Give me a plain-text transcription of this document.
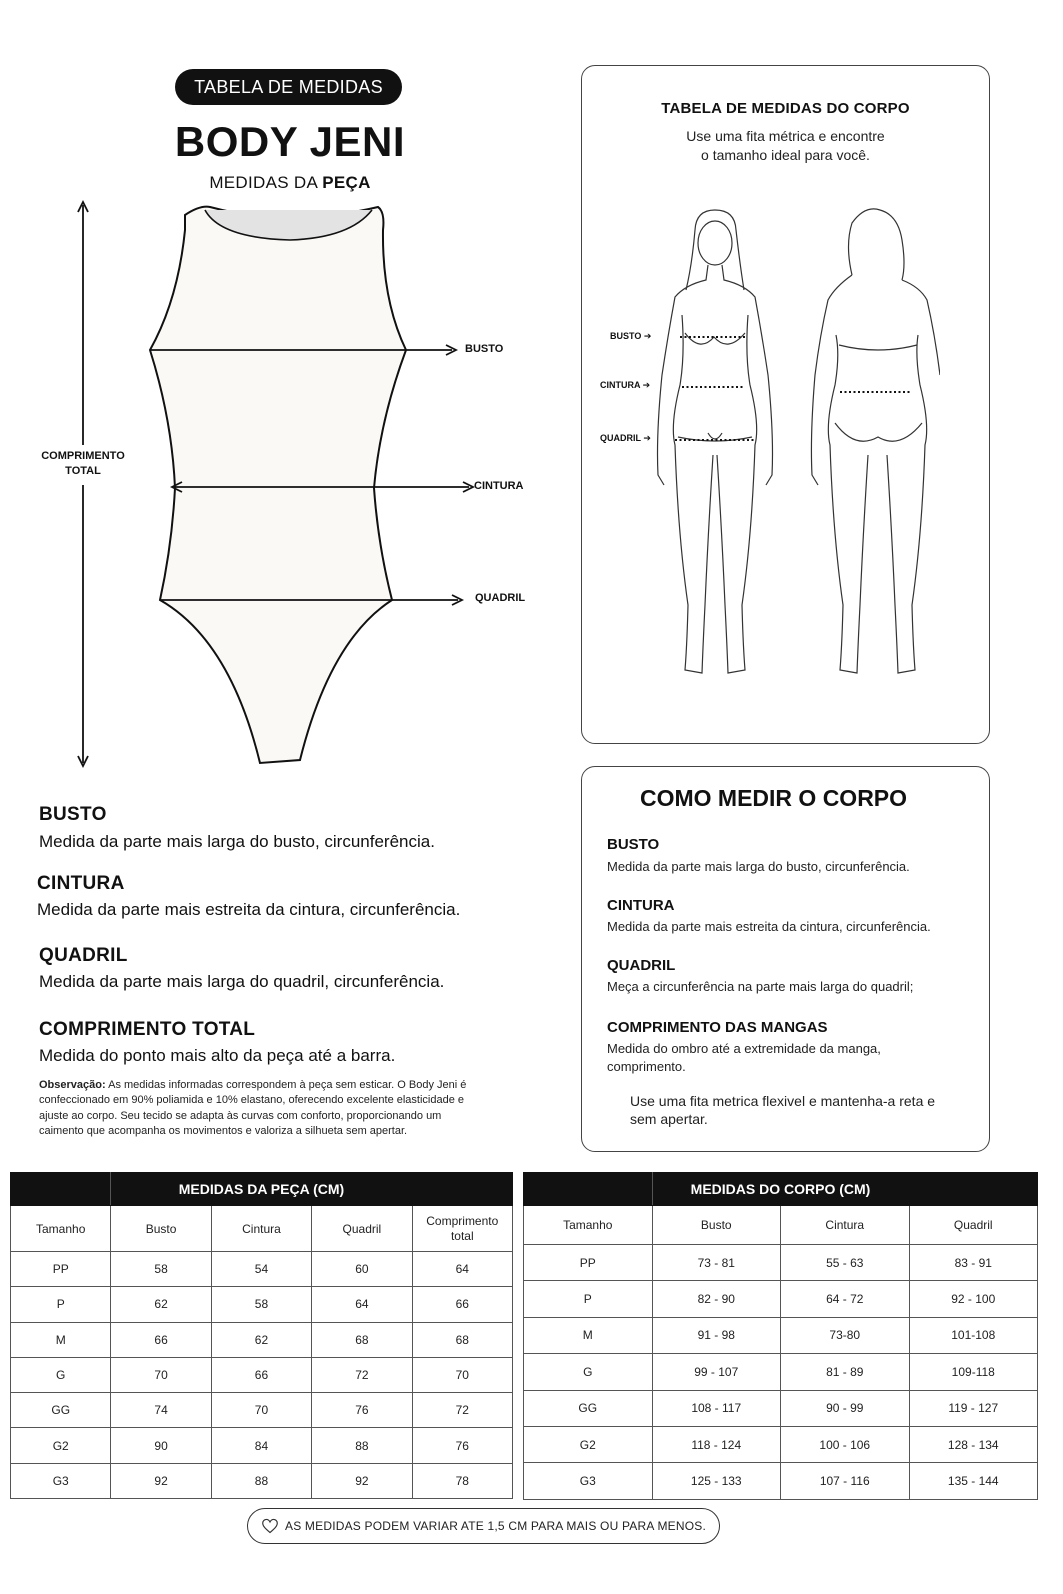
TABELA DE MEDIDAS
BODY JENI
MEDIDAS DA PEÇA
BUSTO
CINTURA
QUADRIL
COMPRIMENTO
TOTAL
TABELA DE MEDIDAS DO CORPO
Use uma fita métrica e encontre
o tamanho ideal para você.
BUSTO ➔
CINTURA ➔
QUADRIL ➔
BUSTO
Medida da parte mais larga do busto, circunferência.
CINTURA
Medida da parte mais estreita da cintura, circunferência.
QUADRIL
Medida da parte mais larga do quadril, circunferência.
COMPRIMENTO TOTAL
Medida do ponto mais alto da peça até a barra.
Observação: As medidas informadas correspondem à peça sem esticar. O Body Jeni é confeccionado em 90% poliamida e 10% elastano, oferecendo excelente elasticidade e ajuste ao corpo. Seu tecido se adapta às curvas com conforto, proporcionando um caimento que acompanha os movimentos e valoriza a silhueta sem apertar.
COMO MEDIR O CORPO
BUSTO
Medida da parte mais larga do busto, circunferência.
CINTURA
Medida da parte mais estreita da cintura, circunferência.
QUADRIL
Meça a circunferência na parte mais larga do quadril;
COMPRIMENTO DAS MANGAS
Medida do ombro até a extremidade da manga, comprimento.
Use uma fita metrica flexivel e mantenha-a reta e sem apertar.
	MEDIDAS DA PEÇA (CM)			
Tamanho	Busto	Cintura	Quadril	Comprimento total
PP	58	54	60	64
P	62	58	64	66
M	66	62	68	68
G	70	66	72	70
GG	74	70	76	72
G2	90	84	88	76
G3	92	88	92	78
	MEDIDAS DO CORPO (CM)		
Tamanho	Busto	Cintura	Quadril
PP	73 - 81	55 - 63	83 - 91
P	82 - 90	64 - 72	92 - 100
M	91 - 98	73-80	101-108
G	99 - 107	81 - 89	109-118
GG	108 - 117	90 - 99	119 - 127
G2	118 - 124	100 - 106	128 - 134
G3	125 - 133	107 - 116	135 - 144
AS MEDIDAS PODEM VARIAR ATE 1,5 CM PARA MAIS OU PARA MENOS.
